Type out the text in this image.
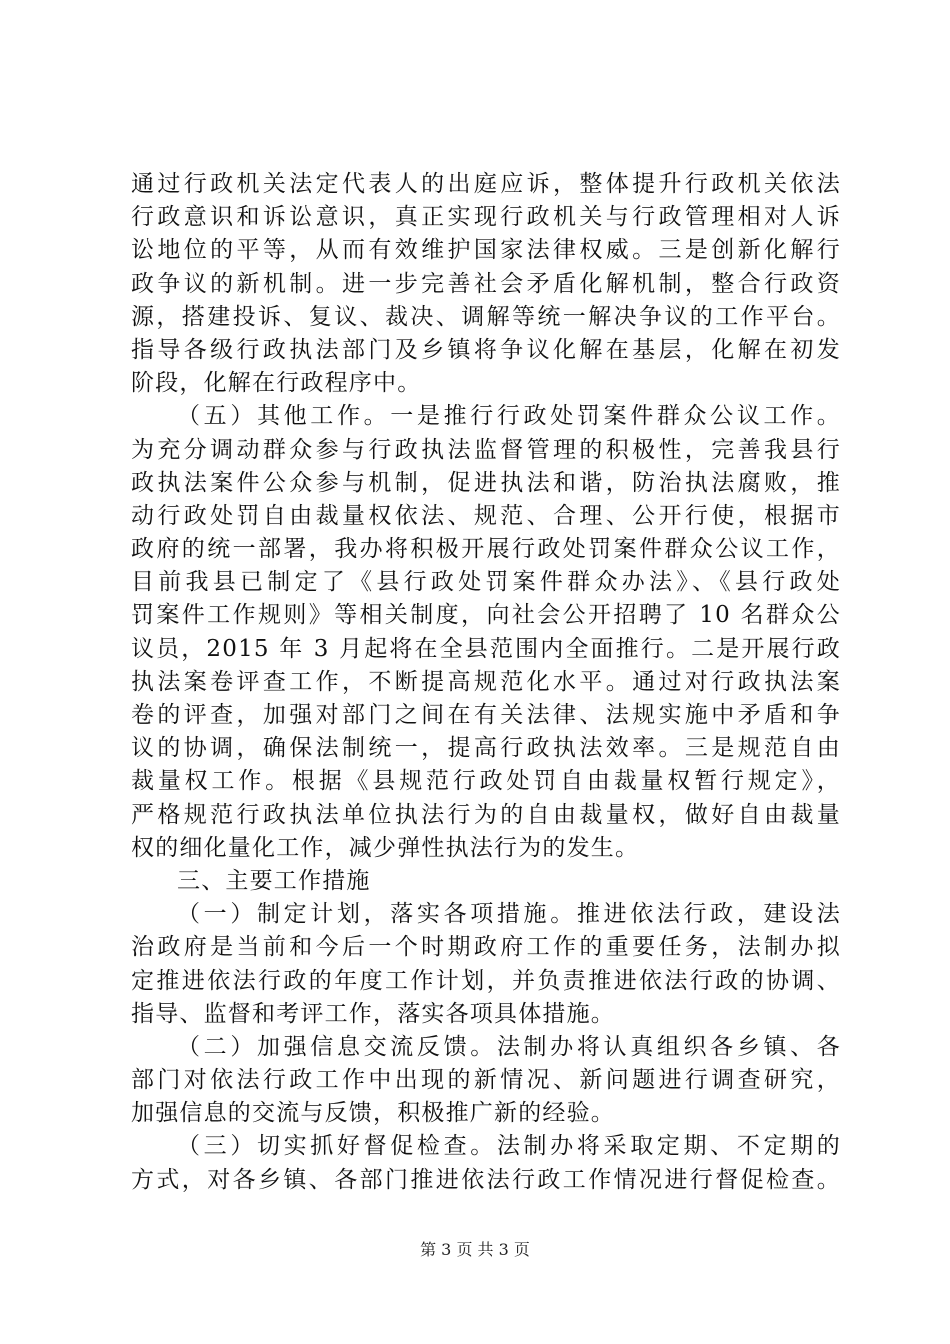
通过行政机关法定代表人的出庭应诉，整体提升行政机关依法
行政意识和诉讼意识，真正实现行政机关与行政管理相对人诉
讼地位的平等，从而有效维护国家法律权威。三是创新化解行
政争议的新机制。进一步完善社会矛盾化解机制，整合行政资
源，搭建投诉、复议、裁决、调解等统一解决争议的工作平台。
指导各级行政执法部门及乡镇将争议化解在基层，化解在初发
阶段，化解在行政程序中。
（五）其他工作。一是推行行政处罚案件群众公议工作。
为充分调动群众参与行政执法监督管理的积极性，完善我县行
政执法案件公众参与机制，促进执法和谐，防治执法腐败，推
动行政处罚自由裁量权依法、规范、合理、公开行使，根据市
政府的统一部署，我办将积极开展行政处罚案件群众公议工作，
目前我县已制定了《县行政处罚案件群众办法》、《县行政处
罚案件工作规则》等相关制度，向社会公开招聘了 10 名群众公
议员，2015 年 3 月起将在全县范围内全面推行。二是开展行政
执法案卷评查工作，不断提高规范化水平。通过对行政执法案
卷的评查，加强对部门之间在有关法律、法规实施中矛盾和争
议的协调，确保法制统一，提高行政执法效率。三是规范自由
裁量权工作。根据《县规范行政处罚自由裁量权暂行规定》，
严格规范行政执法单位执法行为的自由裁量权，做好自由裁量
权的细化量化工作，减少弹性执法行为的发生。
三、主要工作措施
（一）制定计划，落实各项措施。推进依法行政，建设法
治政府是当前和今后一个时期政府工作的重要任务，法制办拟
定推进依法行政的年度工作计划，并负责推进依法行政的协调、
指导、监督和考评工作，落实各项具体措施。
（二）加强信息交流反馈。法制办将认真组织各乡镇、各
部门对依法行政工作中出现的新情况、新问题进行调查研究，
加强信息的交流与反馈，积极推广新的经验。
（三）切实抓好督促检查。法制办将采取定期、不定期的
方式，对各乡镇、各部门推进依法行政工作情况进行督促检查。
第 3 页 共 3 页
